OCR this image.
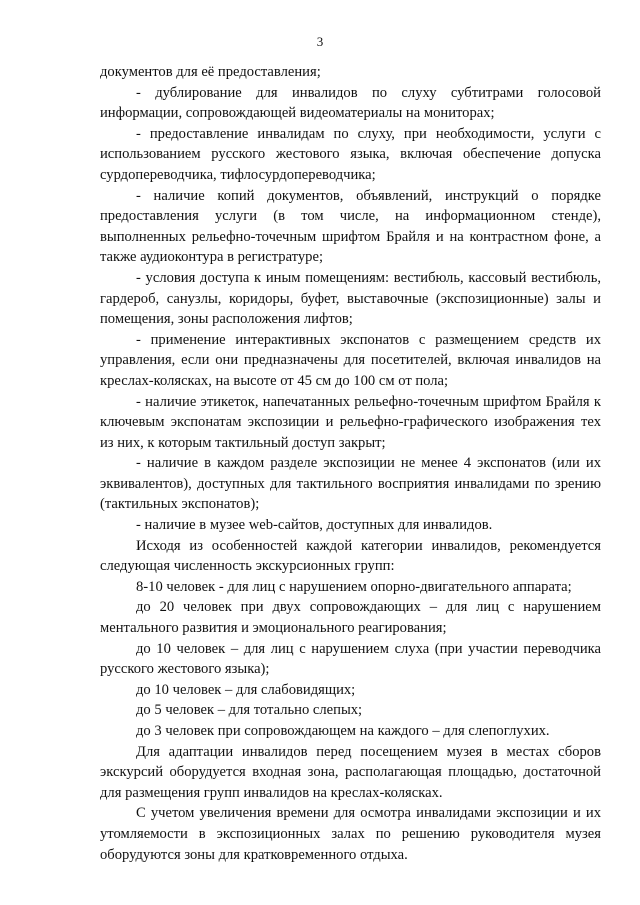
3

документов для её предоставления;

- дублирование для инвалидов по слуху субтитрами голосовой информации, сопровождающей видеоматериалы на мониторах;

- предоставление инвалидам по слуху, при необходимости, услуги с использованием русского жестового языка, включая обеспечение допуска сурдопереводчика, тифлосурдопереводчика;

- наличие копий документов, объявлений, инструкций о порядке предоставления услуги (в том числе, на информационном стенде), выполненных рельефно-точечным шрифтом Брайля и на контрастном фоне, а также аудиоконтура в регистратуре;

- условия доступа к иным помещениям: вестибюль, кассовый вестибюль, гардероб, санузлы, коридоры, буфет, выставочные (экспозиционные) залы и помещения, зоны расположения лифтов;

- применение интерактивных экспонатов с размещением средств их управления, если они предназначены для посетителей, включая инвалидов на креслах-колясках, на высоте от 45 см до 100 см от пола;

- наличие этикеток, напечатанных рельефно-точечным шрифтом Брайля к ключевым экспонатам экспозиции и рельефно-графического изображения тех из них, к которым тактильный доступ закрыт;

- наличие в каждом разделе экспозиции не менее 4 экспонатов (или их эквивалентов), доступных для тактильного восприятия инвалидами по зрению (тактильных экспонатов);

- наличие в музее web-сайтов, доступных для инвалидов.

Исходя из особенностей каждой категории инвалидов, рекомендуется следующая численность экскурсионных групп:

8-10 человек - для лиц с нарушением опорно-двигательного аппарата;

до 20 человек при двух сопровождающих – для лиц с нарушением ментального развития и эмоционального реагирования;

до 10 человек – для лиц с нарушением слуха (при участии переводчика русского жестового языка);

до 10 человек – для слабовидящих;

до 5 человек – для тотально слепых;

до 3 человек при сопровождающем на каждого – для слепоглухих.

Для адаптации инвалидов перед посещением музея в местах сборов экскурсий оборудуется входная зона, располагающая площадью, достаточной для размещения групп инвалидов на креслах-колясках.

С учетом увеличения времени для осмотра инвалидами экспозиции и их утомляемости в экспозиционных залах по решению руководителя музея оборудуются зоны для кратковременного отдыха.
